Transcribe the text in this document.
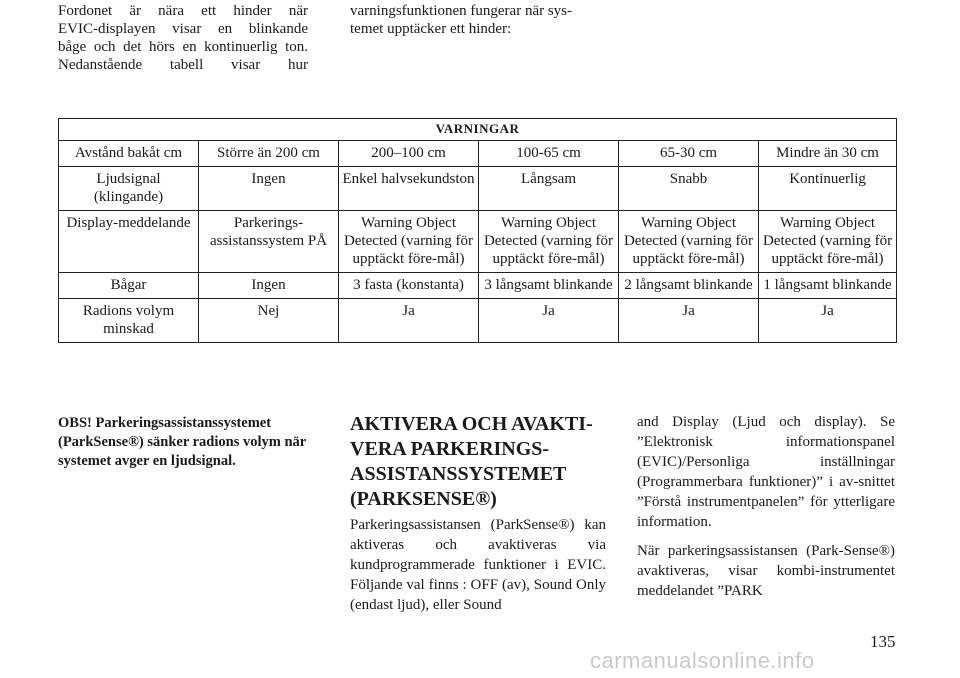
Fordonet är nära ett hinder när
EVIC-displayen visar en blinkande
båge och det hörs en kontinuerlig ton.
Nedanstående tabell visar hur
varningsfunktionen fungerar när sys-
temet upptäcker ett hinder:
VARNINGAR					
Avstånd bakåt cm	Större än 200 cm	200–100 cm	100-65 cm	65-30 cm	Mindre än 30 cm
Ljudsignal (klingande)	Ingen	Enkel halvsekundston	Långsam	Snabb	Kontinuerlig
Display-meddelande	Parkerings-assistanssystem PÅ	Warning Object Detected (varning för upptäckt före-mål)	Warning Object Detected (varning för upptäckt före-mål)	Warning Object Detected (varning för upptäckt före-mål)	Warning Object Detected (varning för upptäckt före-mål)
Bågar	Ingen	3 fasta (konstanta)	3 långsamt blinkande	2 långsamt blinkande	1 långsamt blinkande
Radions volym minskad	Nej	Ja	Ja	Ja	Ja
OBS! Parkeringsassistanssystemet (ParkSense®) sänker radions volym när systemet avger en ljudsignal.
AKTIVERA OCH AVAKTI-VERA PARKERINGS-ASSISTANSSYSTEMET (PARKSENSE®)
Parkeringsassistansen (ParkSense®) kan aktiveras och avaktiveras via kundprogrammerade funktioner i EVIC. Följande val finns : OFF (av), Sound Only (endast ljud), eller Sound

and Display (Ljud och display). Se ”Elektronisk informationspanel (EVIC)/Personliga inställningar (Programmerbara funktioner)” i av-snittet ”Förstå instrumentpanelen” för ytterligare information.

När parkeringsassistansen (Park-Sense®) avaktiveras, visar kombi-instrumentet meddelandet ”PARK

135
carmanualsonline.info
